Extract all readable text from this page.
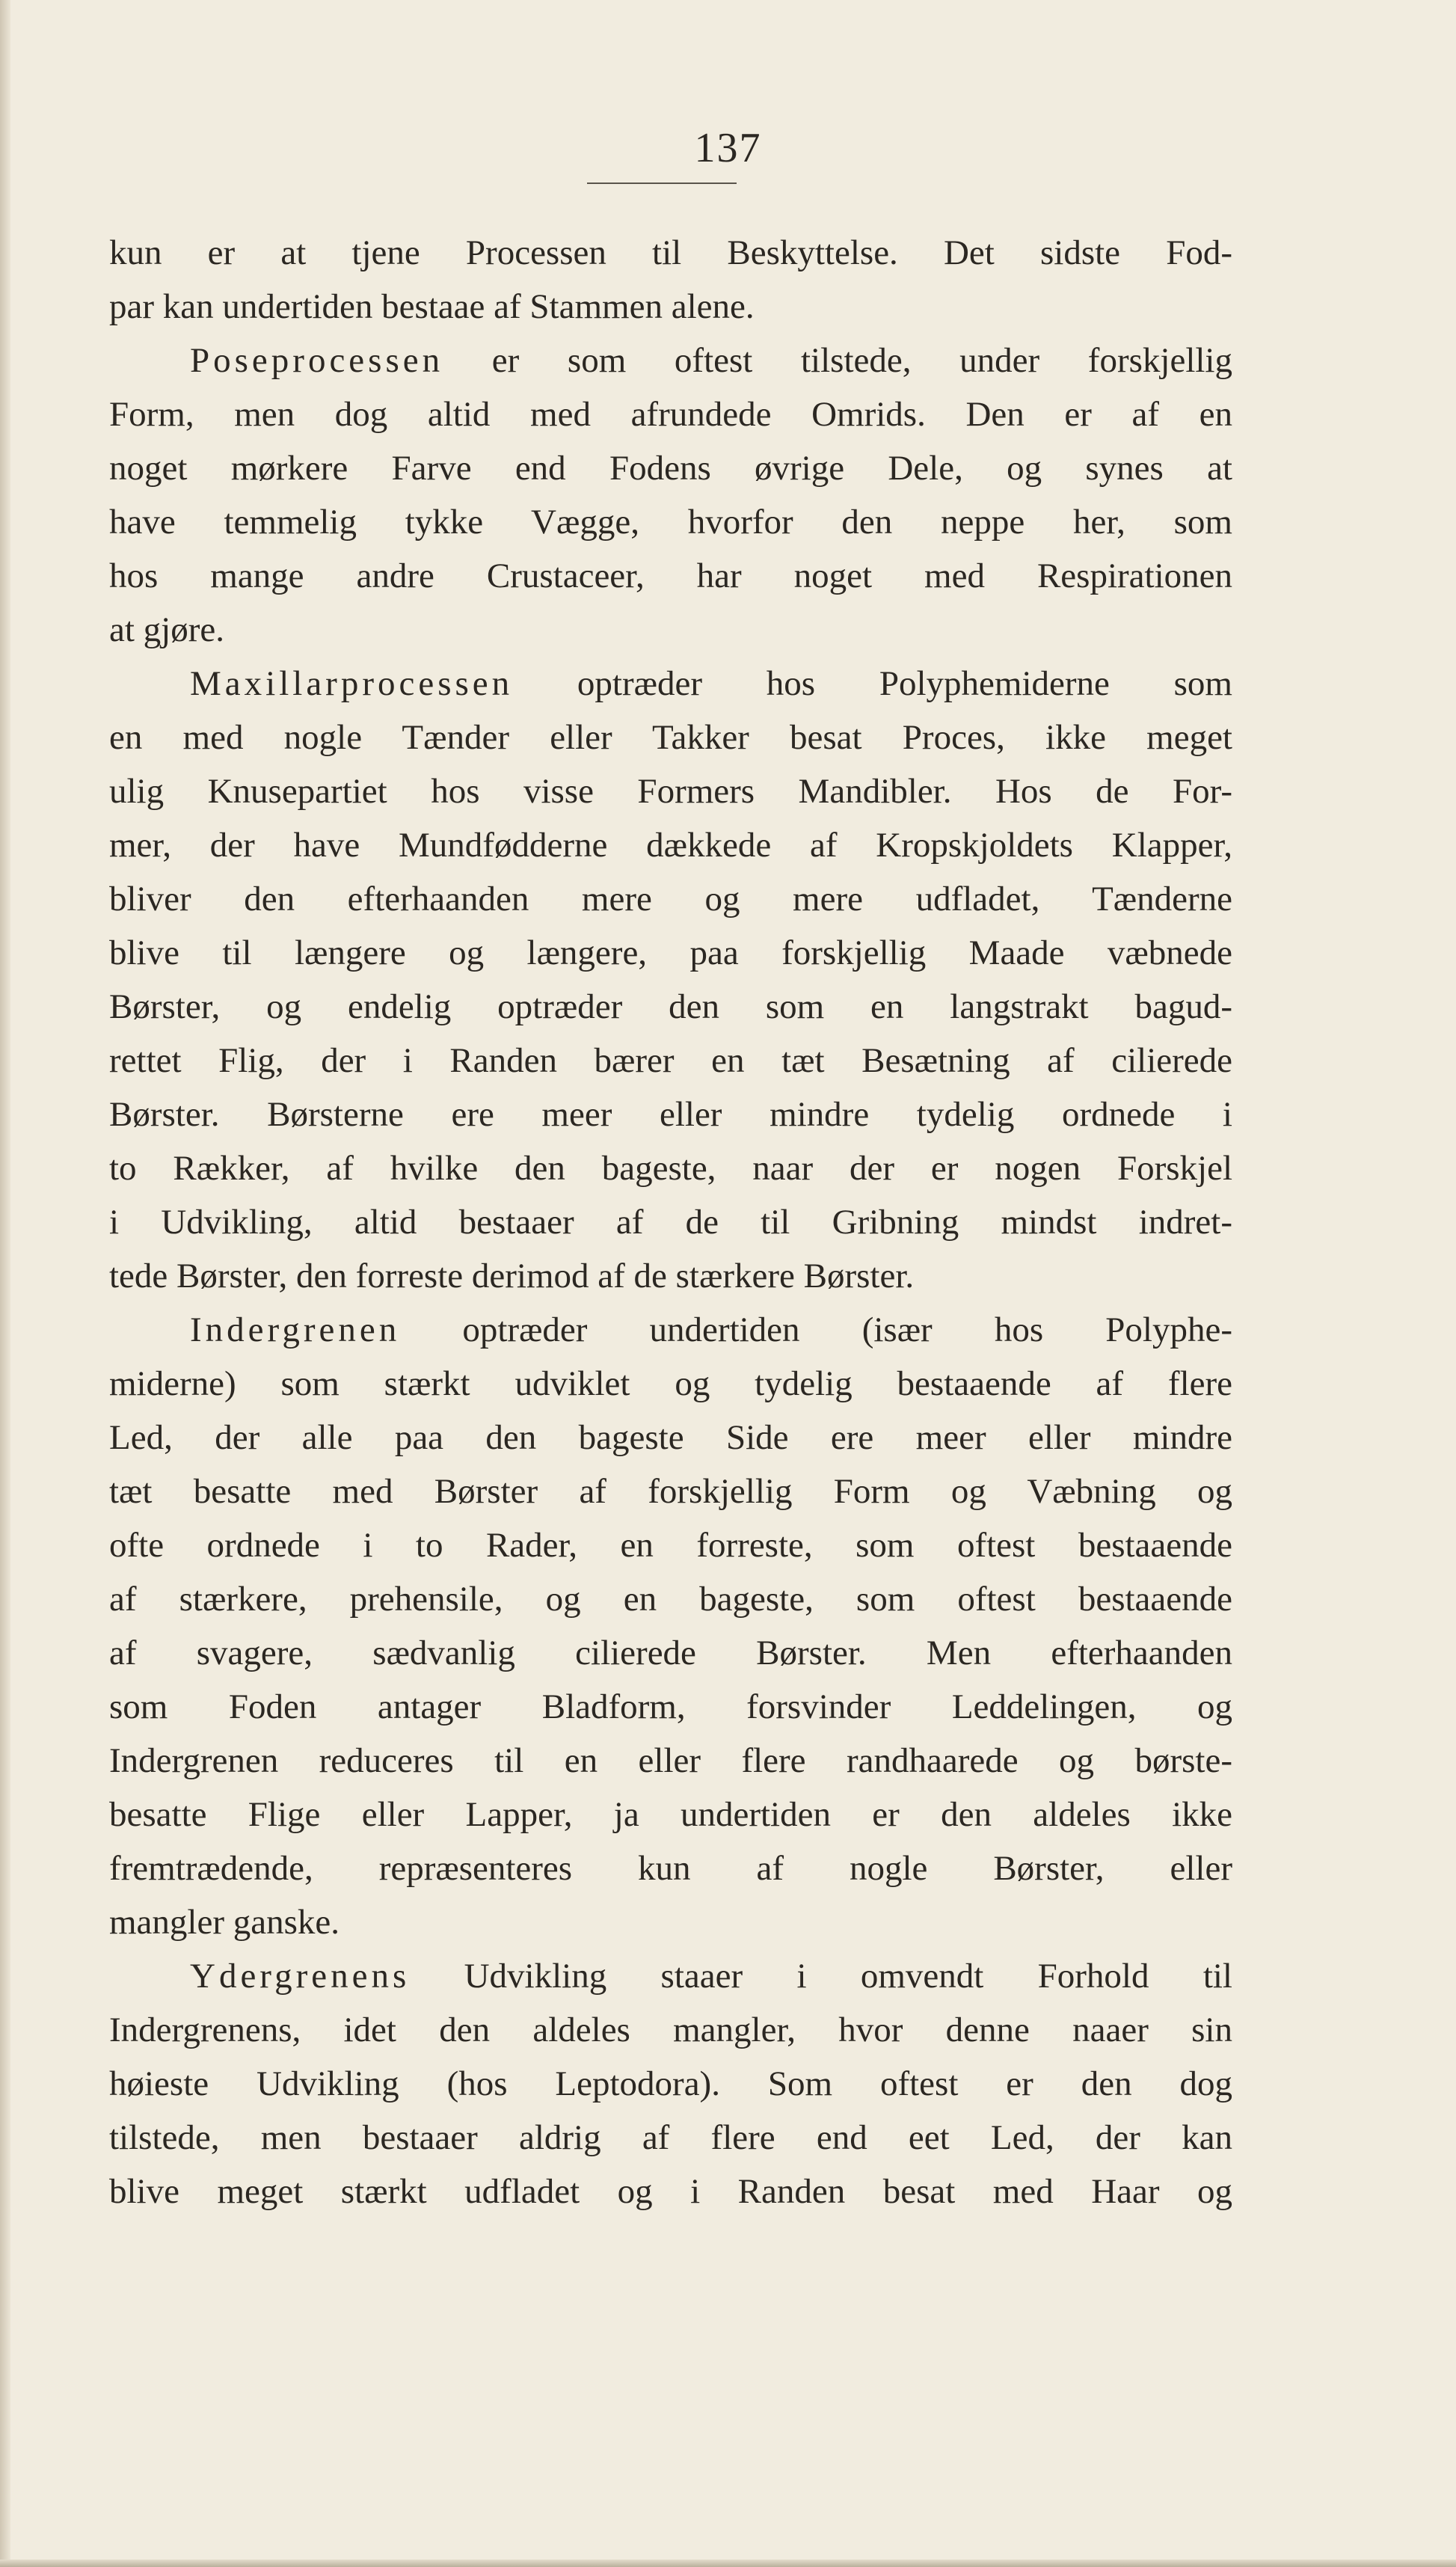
137
kun er at tjene Processen til Beskyttelse. Det sidste Fod-
par kan undertiden bestaae af Stammen alene.
Poseprocessen er som oftest tilstede, under forskjellig
Form, men dog altid med afrundede Omrids. Den er af en
noget mørkere Farve end Fodens øvrige Dele, og synes at
have temmelig tykke Vægge, hvorfor den neppe her, som
hos mange andre Crustaceer, har noget med Respirationen
at gjøre.
Maxillarprocessen optræder hos Polyphemiderne som
en med nogle Tænder eller Takker besat Proces, ikke meget
ulig Knusepartiet hos visse Formers Mandibler. Hos de For-
mer, der have Mundfødderne dækkede af Kropskjoldets Klapper,
bliver den efterhaanden mere og mere udfladet, Tænderne
blive til længere og længere, paa forskjellig Maade væbnede
Børster, og endelig optræder den som en langstrakt bagud-
rettet Flig, der i Randen bærer en tæt Besætning af cilierede
Børster. Børsterne ere meer eller mindre tydelig ordnede i
to Rækker, af hvilke den bageste, naar der er nogen Forskjel
i Udvikling, altid bestaaer af de til Gribning mindst indret-
tede Børster, den forreste derimod af de stærkere Børster.
Indergrenen optræder undertiden (især hos Polyphe-
miderne) som stærkt udviklet og tydelig bestaaende af flere
Led, der alle paa den bageste Side ere meer eller mindre
tæt besatte med Børster af forskjellig Form og Væbning og
ofte ordnede i to Rader, en forreste, som oftest bestaaende
af stærkere, prehensile, og en bageste, som oftest bestaaende
af svagere, sædvanlig cilierede Børster. Men efterhaanden
som Foden antager Bladform, forsvinder Leddelingen, og
Indergrenen reduceres til en eller flere randhaarede og børste-
besatte Flige eller Lapper, ja undertiden er den aldeles ikke
fremtrædende, repræsenteres kun af nogle Børster, eller
mangler ganske.
Ydergrenens Udvikling staaer i omvendt Forhold til
Indergrenens, idet den aldeles mangler, hvor denne naaer sin
høieste Udvikling (hos Leptodora). Som oftest er den dog
tilstede, men bestaaer aldrig af flere end eet Led, der kan
blive meget stærkt udfladet og i Randen besat med Haar og
